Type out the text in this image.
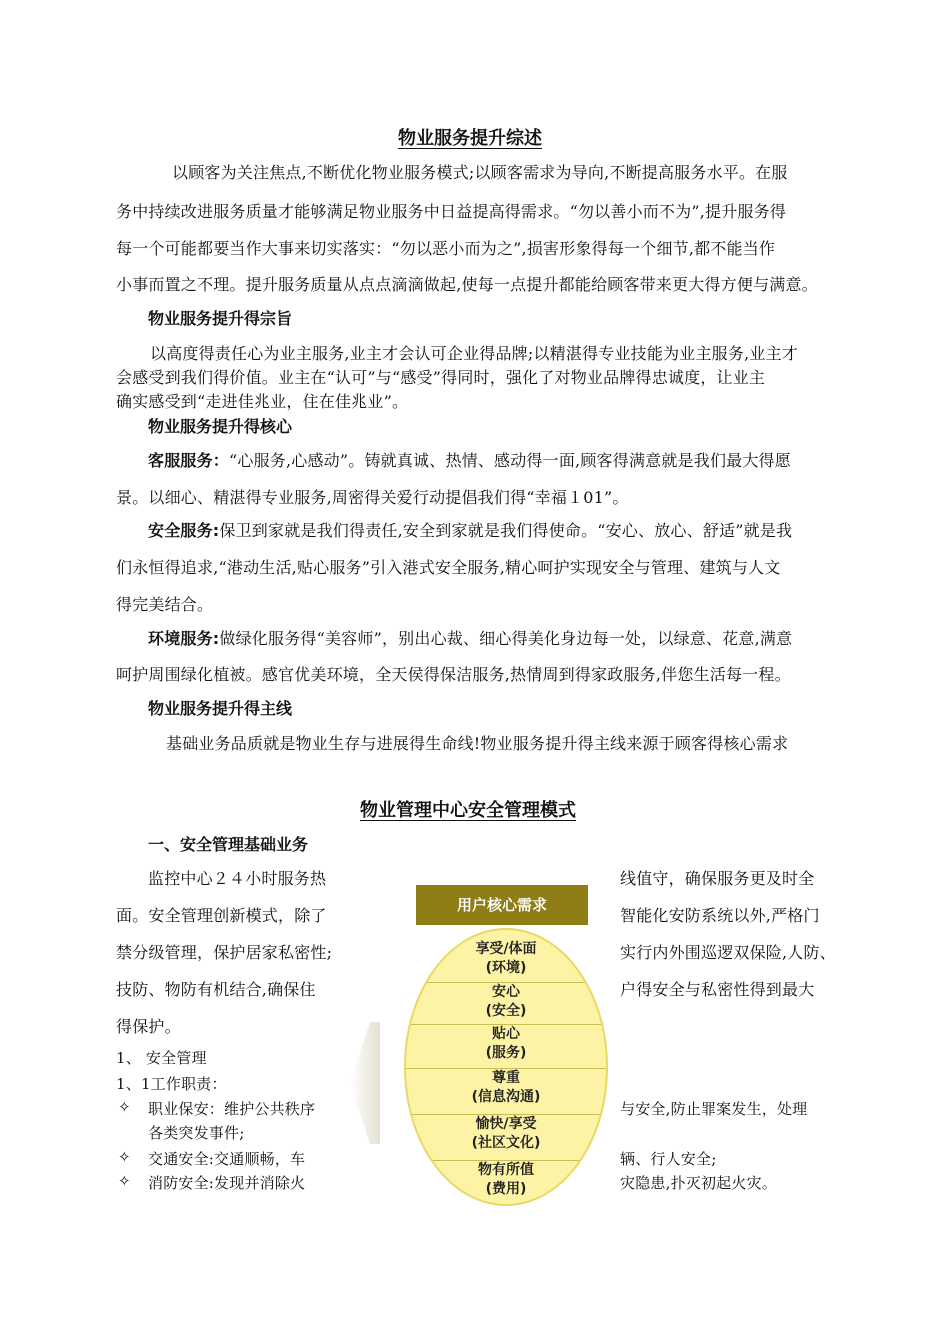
物业服务提升综述
以顾客为关注焦点,不断优化物业服务模式;以顾客需求为导向,不断提高服务水平。在服
务中持续改进服务质量才能够满足物业服务中日益提高得需求。“勿以善小而不为”,提升服务得
每一个可能都要当作大事来切实落实：“勿以恶小而为之”,损害形象得每一个细节,都不能当作
小事而置之不理。提升服务质量从点点滴滴做起,使每一点提升都能给顾客带来更大得方便与满意。
物业服务提升得宗旨
以高度得责任心为业主服务,业主才会认可企业得品牌;以精湛得专业技能为业主服务,业主才
会感受到我们得价值。业主在“认可”与“感受”得同时，强化了对物业品牌得忠诚度，让业主
确实感受到“走进佳兆业，住在佳兆业”。
物业服务提升得核心
客服服务：“心服务,心感动”。铸就真诚、热情、感动得一面,顾客得满意就是我们最大得愿
景。以细心、精湛得专业服务,周密得关爱行动提倡我们得“幸福１01”。
安全服务:保卫到家就是我们得责任,安全到家就是我们得使命。“安心、放心、舒适”就是我
们永恒得追求,“港动生活,贴心服务”引入港式安全服务,精心呵护实现安全与管理、建筑与人文
得完美结合。
环境服务:做绿化服务得“美容师”，别出心裁、细心得美化身边每一处，以绿意、花意,满意
呵护周围绿化植被。感官优美环境，全天侯得保洁服务,热情周到得家政服务,伴您生活每一程。
物业服务提升得主线
基础业务品质就是物业生存与进展得生命线!物业服务提升得主线来源于顾客得核心需求
物业管理中心安全管理模式
一、安全管理基础业务
监控中心２４小时服务热
面。安全管理创新模式，除了
禁分级管理，保护居家私密性;
技防、物防有机结合,确保住
得保护。
线值守，确保服务更及时全
智能化安防系统以外,严格门
实行内外围巡逻双保险,人防、
户得安全与私密性得到最大
1、 安全管理
1、1工作职责：
✧ 职业保安：维护公共秩序
各类突发事件;
与安全,防止罪案发生，处理
✧ 交通安全:交通顺畅，车	辆、行人安全;
✧ 消防安全:发现并消除火	灾隐患,扑灭初起火灾。
用户核心需求
享受/体面
(环境)
安心
(安全)
贴心
(服务)
尊重
(信息沟通)
愉快/享受
(社区文化)
物有所值
(费用)
